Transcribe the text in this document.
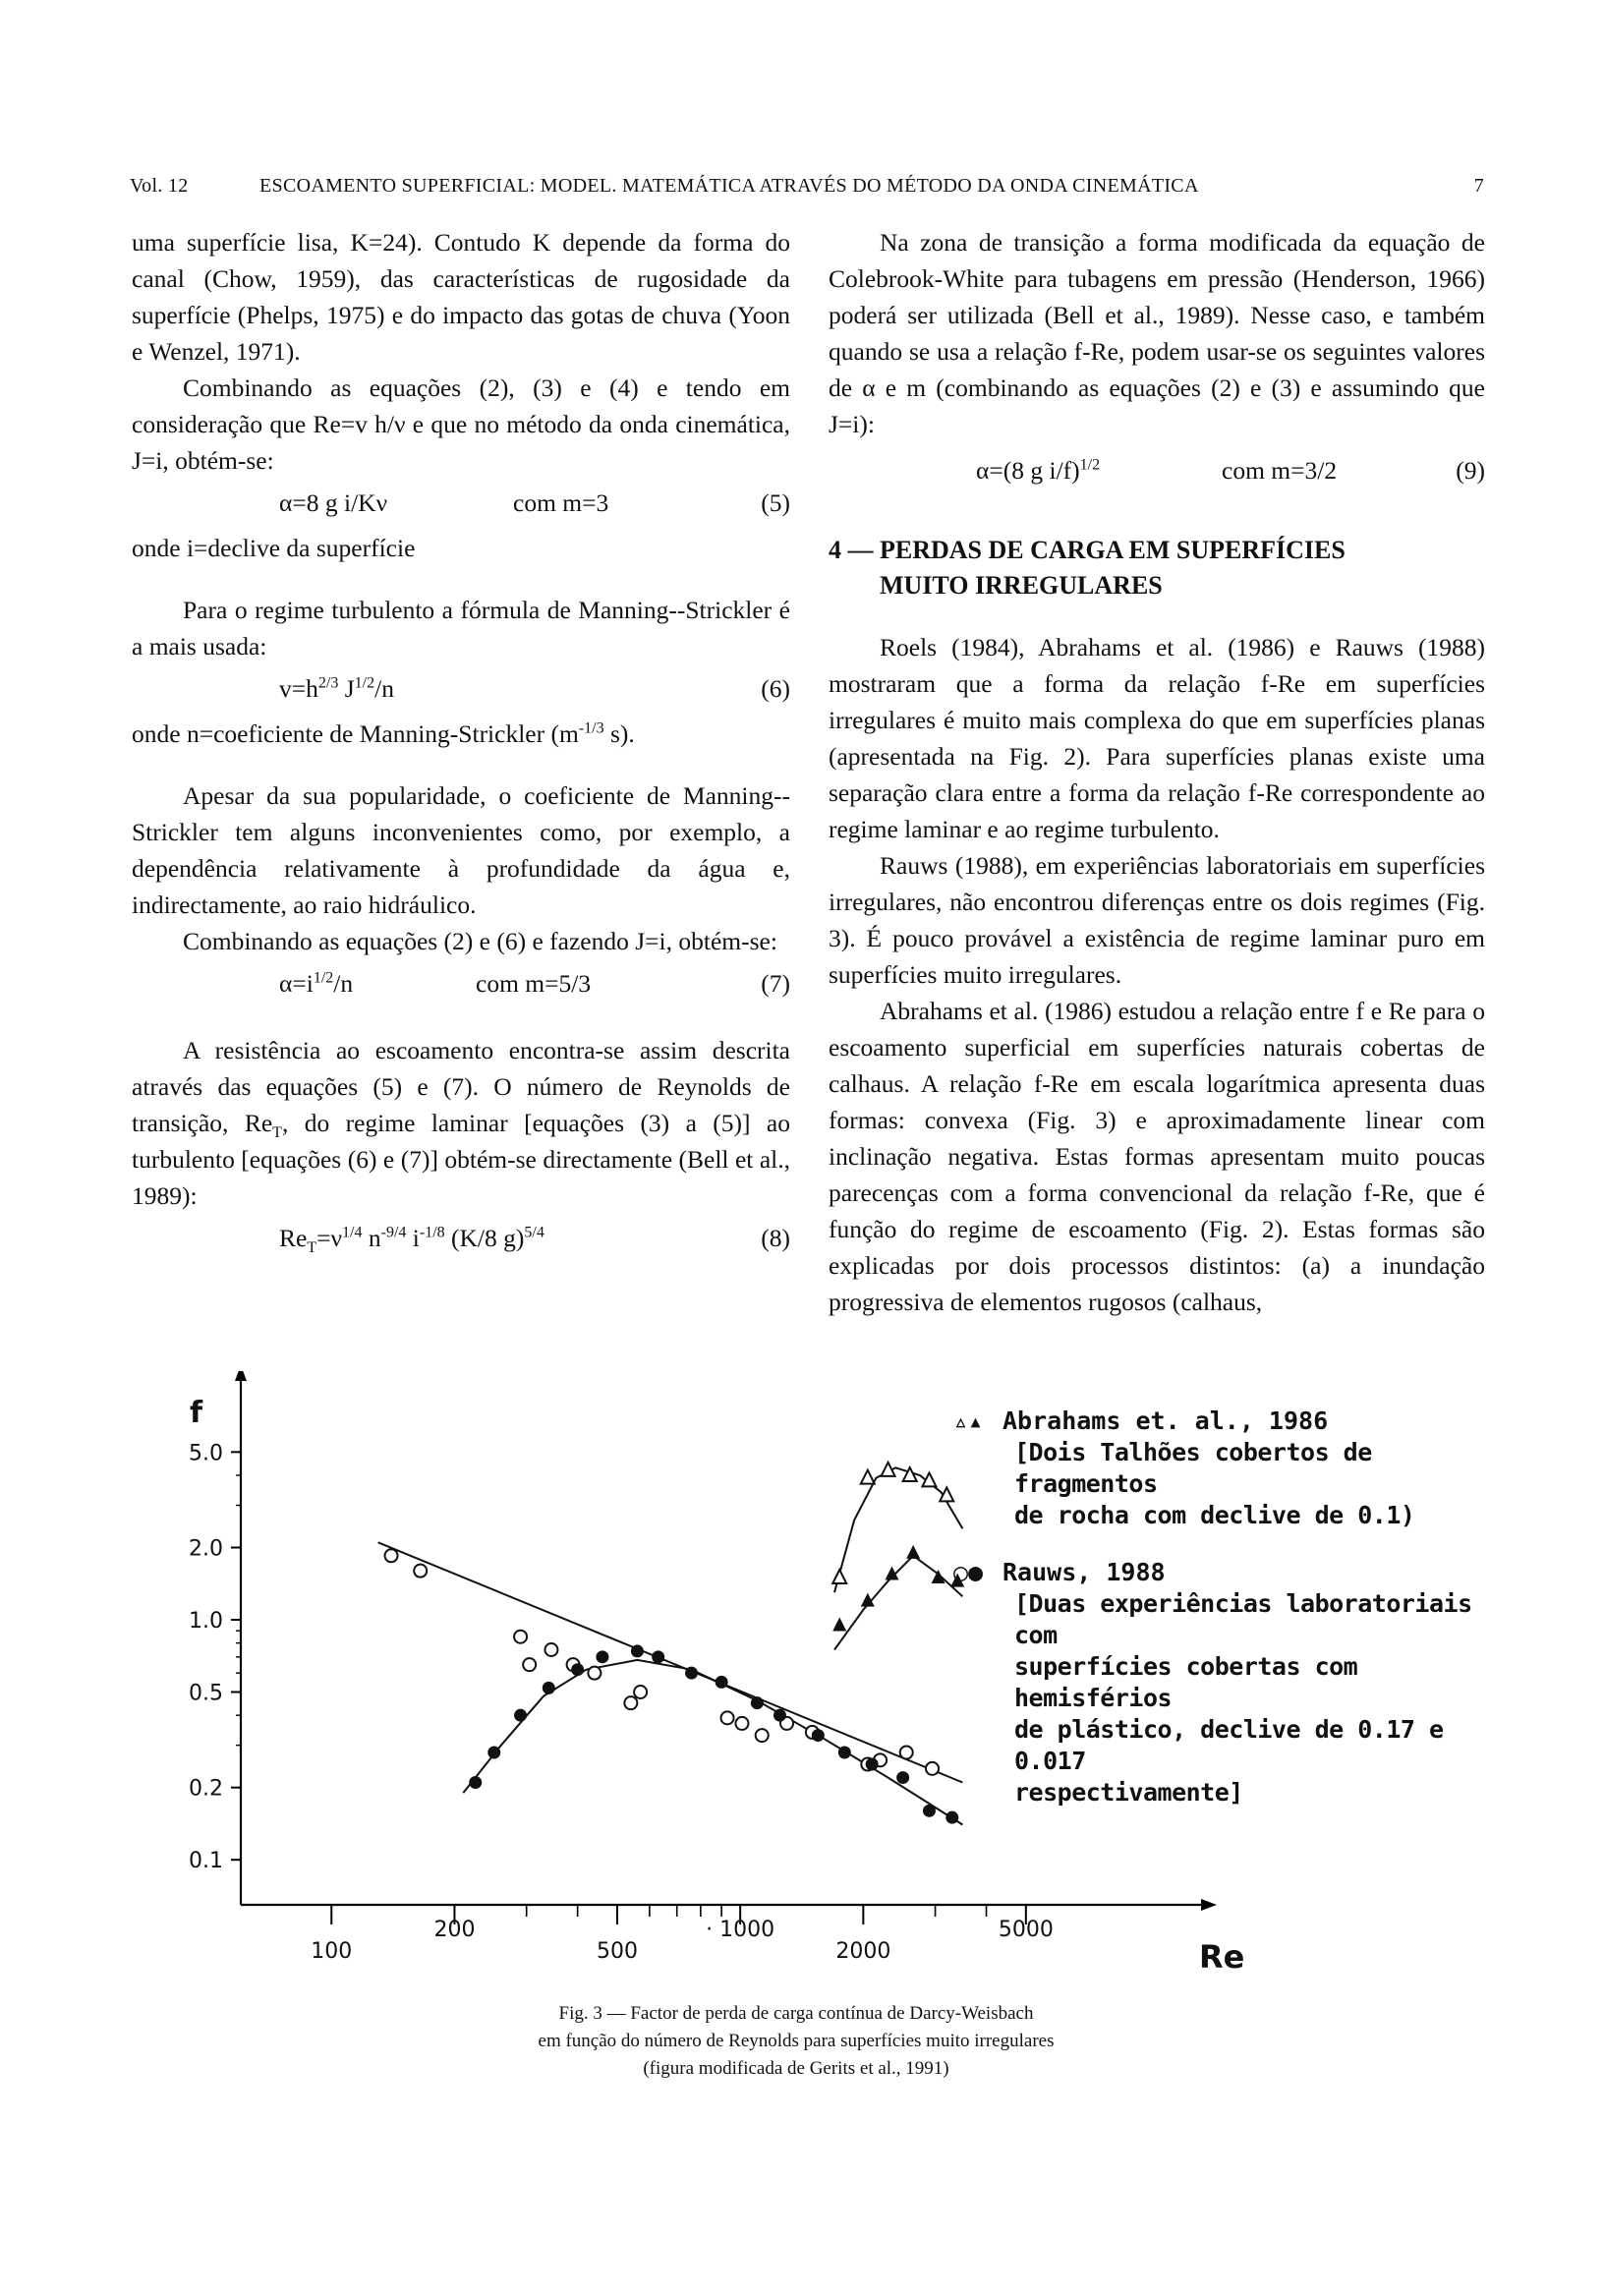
Vol. 12	ESCOAMENTO SUPERFICIAL: MODEL. MATEMÁTICA ATRAVÉS DO MÉTODO DA ONDA CINEMÁTICA	7

uma superfície lisa, K=24). Contudo K depende da forma do canal (Chow, 1959), das características de rugosidade da superfície (Phelps, 1975) e do impacto das gotas de chuva (Yoon e Wenzel, 1971).

Combinando as equações (2), (3) e (4) e tendo em consideração que Re=v h/ν e que no método da onda cinemática, J=i, obtém-se:

α=8 g i/Kν	com m=3	(5)

onde i=declive da superfície

Para o regime turbulento a fórmula de Manning--Strickler é a mais usada:

$v=h^{2/3}$ $J^{1/2}/n$	(6)

onde n=coeficiente de Manning-Strickler ($m^{-1/3}$ s).

Apesar da sua popularidade, o coeficiente de Manning--Strickler tem alguns inconvenientes como, por exemplo, a dependência relativamente à profundidade da água e, indirectamente, ao raio hidráulico.

Combinando as equações (2) e (6) e fazendo J=i, obtém-se:

$\alpha=i^{1/2}/n$	com m=5/3	(7)

A resistência ao escoamento encontra-se assim descrita através das equações (5) e (7). O número de Reynolds de transição, $Re_T$, do regime laminar [equações (3) a (5)] ao turbulento [equações (6) e (7)] obtém-se directamente (Bell et al., 1989):

$Re_T=\nu^{1/4}$ $n^{-9/4}$ $i^{-1/8}$ (K/8 g)$^{5/4}$	(8)

Na zona de transição a forma modificada da equação de Colebrook-White para tubagens em pressão (Henderson, 1966) poderá ser utilizada (Bell et al., 1989). Nesse caso, e também quando se usa a relação f-Re, podem usar-se os seguintes valores de α e m (combinando as equações (2) e (3) e assumindo que J=i):

α=(8 g i/f)$^{1/2}$	com m=3/2	(9)

4 — PERDAS DE CARGA EM SUPERFÍCIES
MUITO IRREGULARES

Roels (1984), Abrahams et al. (1986) e Rauws (1988) mostraram que a forma da relação f-Re em superfícies irregulares é muito mais complexa do que em superfícies planas (apresentada na Fig. 2). Para superfícies planas existe uma separação clara entre a forma da relação f-Re correspondente ao regime laminar e ao regime turbulento.

Rauws (1988), em experiências laboratoriais em superfícies irregulares, não encontrou diferenças entre os dois regimes (Fig. 3). É pouco provável a existência de regime laminar puro em superfícies muito irregulares.

Abrahams et al. (1986) estudou a relação entre f e Re para o escoamento superficial em superfícies naturais cobertas de calhaus. A relação f-Re em escala logarítmica apresenta duas formas: convexa (Fig. 3) e aproximadamente linear com inclinação negativa. Estas formas apresentam muito poucas parecenças com a forma convencional da relação f-Re, que é função do regime de escoamento (Fig. 2). Estas formas são explicadas por dois processos distintos: (a) a inundação progressiva de elementos rugosos (calhaus,

0.1
0.2
0.5
1.0
2.0
5.0
100
200
500
· 1000
2000
5000
f
Re
▵▴ Abrahams et. al., 1986
[Dois Talhões cobertos de fragmentos
de rocha com declive de 0.1)
○● Rauws, 1988
[Duas experiências laboratoriais com
superfícies cobertas com hemisférios
de plástico, declive de 0.17 e 0.017
respectivamente]
Fig. 3 — Factor de perda de carga contínua de Darcy-Weisbach
em função do número de Reynolds para superfícies muito irregulares
(figura modificada de Gerits et al., 1991)
